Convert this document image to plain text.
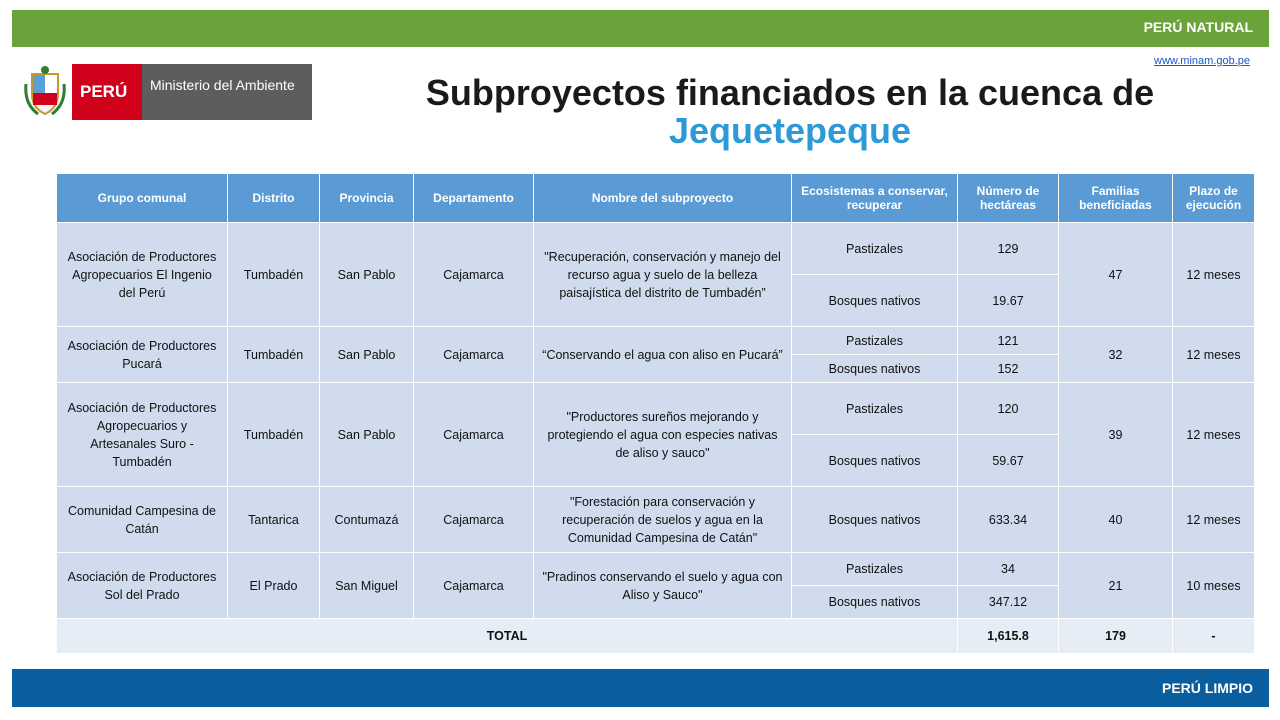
PERÚ NATURAL
www.minam.gob.pe
PERÚ Ministerio del Ambiente	Subproyectos financiados en la cuenca de
Jequetepeque
Grupo comunal	Distrito	Provincia	Departamento	Nombre del subproyecto	Ecosistemas a conservar, recuperar	Número de hectáreas	Familias beneficiadas	Plazo de ejecución
Asociación de Productores Agropecuarios El Ingenio del Perú	Tumbadén	San Pablo	Cajamarca	"Recuperación, conservación y manejo del recurso agua y suelo de la belleza paisajística del distrito de Tumbadén”	Pastizales	129	47	12 meses
					Bosques nativos	19.67		
Asociación de Productores Pucará	Tumbadén	San Pablo	Cajamarca	“Conservando el agua con aliso en Pucará”	Pastizales	121	32	12 meses
					Bosques nativos	152		
Asociación de Productores Agropecuarios y Artesanales Suro - Tumbadén	Tumbadén	San Pablo	Cajamarca	"Productores sureños mejorando y protegiendo el agua con especies nativas de aliso y sauco"	Pastizales	120	39	12 meses
					Bosques nativos	59.67		
Comunidad Campesina de Catán	Tantarica	Contumazá	Cajamarca	"Forestación para conservación y recuperación de suelos y agua en la Comunidad Campesina de Catán"	Bosques nativos	633.34	40	12 meses
Asociación de Productores Sol del Prado	El Prado	San Miguel	Cajamarca	"Pradinos conservando el suelo y agua con Aliso y Sauco"	Pastizales	34	21	10 meses
					Bosques nativos	347.12		
TOTAL						1,615.8	179	-
PERÚ LIMPIO
